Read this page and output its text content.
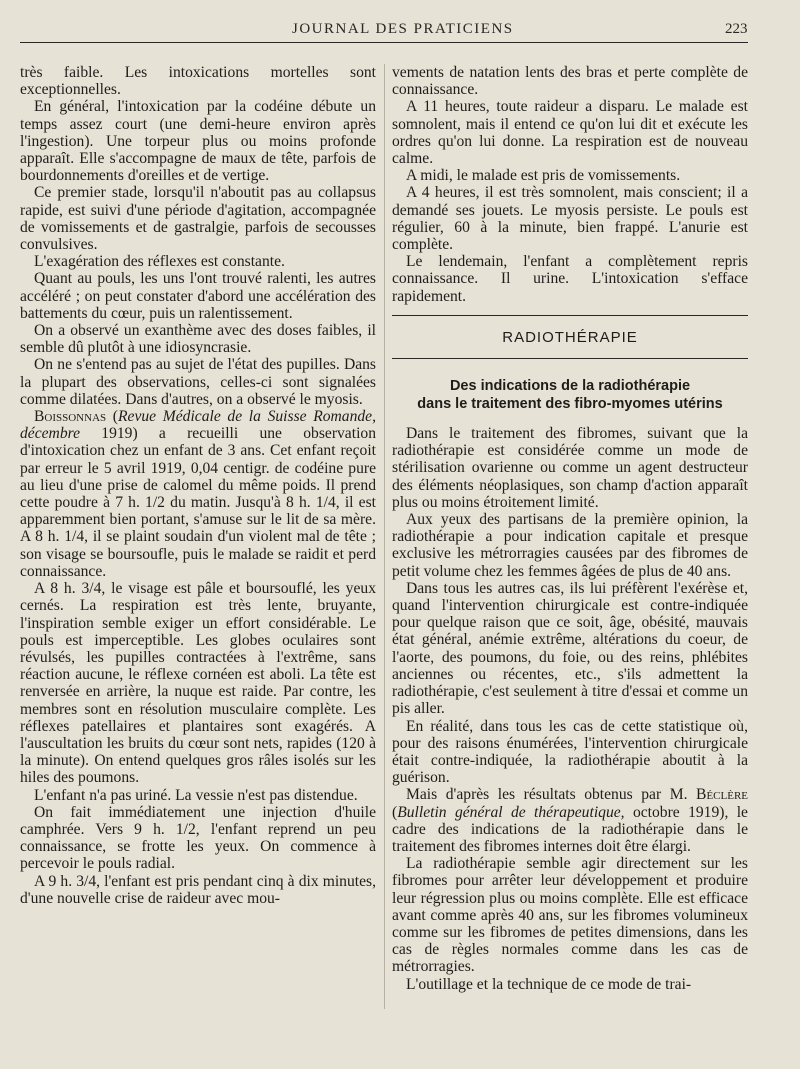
JOURNAL DES PRATICIENS	223

très faible. Les intoxications mortelles sont exceptionnelles.

En général, l'intoxication par la codéine débute un temps assez court (une demi-heure environ après l'ingestion). Une torpeur plus ou moins profonde apparaît. Elle s'accompagne de maux de tête, parfois de bourdonnements d'oreilles et de vertige.

Ce premier stade, lorsqu'il n'aboutit pas au collapsus rapide, est suivi d'une période d'agitation, accompagnée de vomissements et de gastralgie, parfois de secousses convulsives.

L'exagération des réflexes est constante.

Quant au pouls, les uns l'ont trouvé ralenti, les autres accéléré ; on peut constater d'abord une accélération des battements du cœur, puis un ralentissement.

On a observé un exanthème avec des doses faibles, il semble dû plutôt à une idiosyncrasie.

On ne s'entend pas au sujet de l'état des pupilles. Dans la plupart des observations, celles-ci sont signalées comme dilatées. Dans d'autres, on a observé le myosis.

Boissonnas (Revue Médicale de la Suisse Romande, décembre 1919) a recueilli une observation d'intoxication chez un enfant de 3 ans. Cet enfant reçoit par erreur le 5 avril 1919, 0,04 centigr. de codéine pure au lieu d'une prise de calomel du même poids. Il prend cette poudre à 7 h. 1/2 du matin. Jusqu'à 8 h. 1/4, il est apparemment bien portant, s'amuse sur le lit de sa mère. A 8 h. 1/4, il se plaint soudain d'un violent mal de tête ; son visage se boursoufle, puis le malade se raidit et perd connaissance.

A 8 h. 3/4, le visage est pâle et boursouflé, les yeux cernés. La respiration est très lente, bruyante, l'inspiration semble exiger un effort considérable. Le pouls est imperceptible. Les globes oculaires sont révulsés, les pupilles contractées à l'extrême, sans réaction aucune, le réflexe cornéen est aboli. La tête est renversée en arrière, la nuque est raide. Par contre, les membres sont en résolution musculaire complète. Les réflexes patellaires et plantaires sont exagérés. A l'auscultation les bruits du cœur sont nets, rapides (120 à la minute). On entend quelques gros râles isolés sur les hiles des poumons.

L'enfant n'a pas uriné. La vessie n'est pas distendue.

On fait immédiatement une injection d'huile camphrée. Vers 9 h. 1/2, l'enfant reprend un peu connaissance, se frotte les yeux. On commence à percevoir le pouls radial.

A 9 h. 3/4, l'enfant est pris pendant cinq à dix minutes, d'une nouvelle crise de raideur avec mou-

vements de natation lents des bras et perte complète de connaissance.

A 11 heures, toute raideur a disparu. Le malade est somnolent, mais il entend ce qu'on lui dit et exécute les ordres qu'on lui donne. La respiration est de nouveau calme.

A midi, le malade est pris de vomissements.

A 4 heures, il est très somnolent, mais conscient; il a demandé ses jouets. Le myosis persiste. Le pouls est régulier, 60 à la minute, bien frappé. L'anurie est complète.

Le lendemain, l'enfant a complètement repris connaissance. Il urine. L'intoxication s'efface rapidement.

RADIOTHÉRAPIE
Des indications de la radiothérapie
dans le traitement des fibro-myomes utérins

Dans le traitement des fibromes, suivant que la radiothérapie est considérée comme un mode de stérilisation ovarienne ou comme un agent destructeur des éléments néoplasiques, son champ d'action apparaît plus ou moins étroitement limité.

Aux yeux des partisans de la première opinion, la radiothérapie a pour indication capitale et presque exclusive les métrorragies causées par des fibromes de petit volume chez les femmes âgées de plus de 40 ans.

Dans tous les autres cas, ils lui préfèrent l'exérèse et, quand l'intervention chirurgicale est contre-indiquée pour quelque raison que ce soit, âge, obésité, mauvais état général, anémie extrême, altérations du coeur, de l'aorte, des poumons, du foie, ou des reins, phlébites anciennes ou récentes, etc., s'ils admettent la radiothérapie, c'est seulement à titre d'essai et comme un pis aller.

En réalité, dans tous les cas de cette statistique où, pour des raisons énumérées, l'intervention chirurgicale était contre-indiquée, la radiothérapie aboutit à la guérison.

Mais d'après les résultats obtenus par M. Béclère (Bulletin général de thérapeutique, octobre 1919), le cadre des indications de la radiothérapie dans le traitement des fibromes internes doit être élargi.

La radiothérapie semble agir directement sur les fibromes pour arrêter leur développement et produire leur régression plus ou moins complète. Elle est efficace avant comme après 40 ans, sur les fibromes volumineux comme sur les fibromes de petites dimensions, dans les cas de règles normales comme dans les cas de métrorragies.

L'outillage et la technique de ce mode de trai-
